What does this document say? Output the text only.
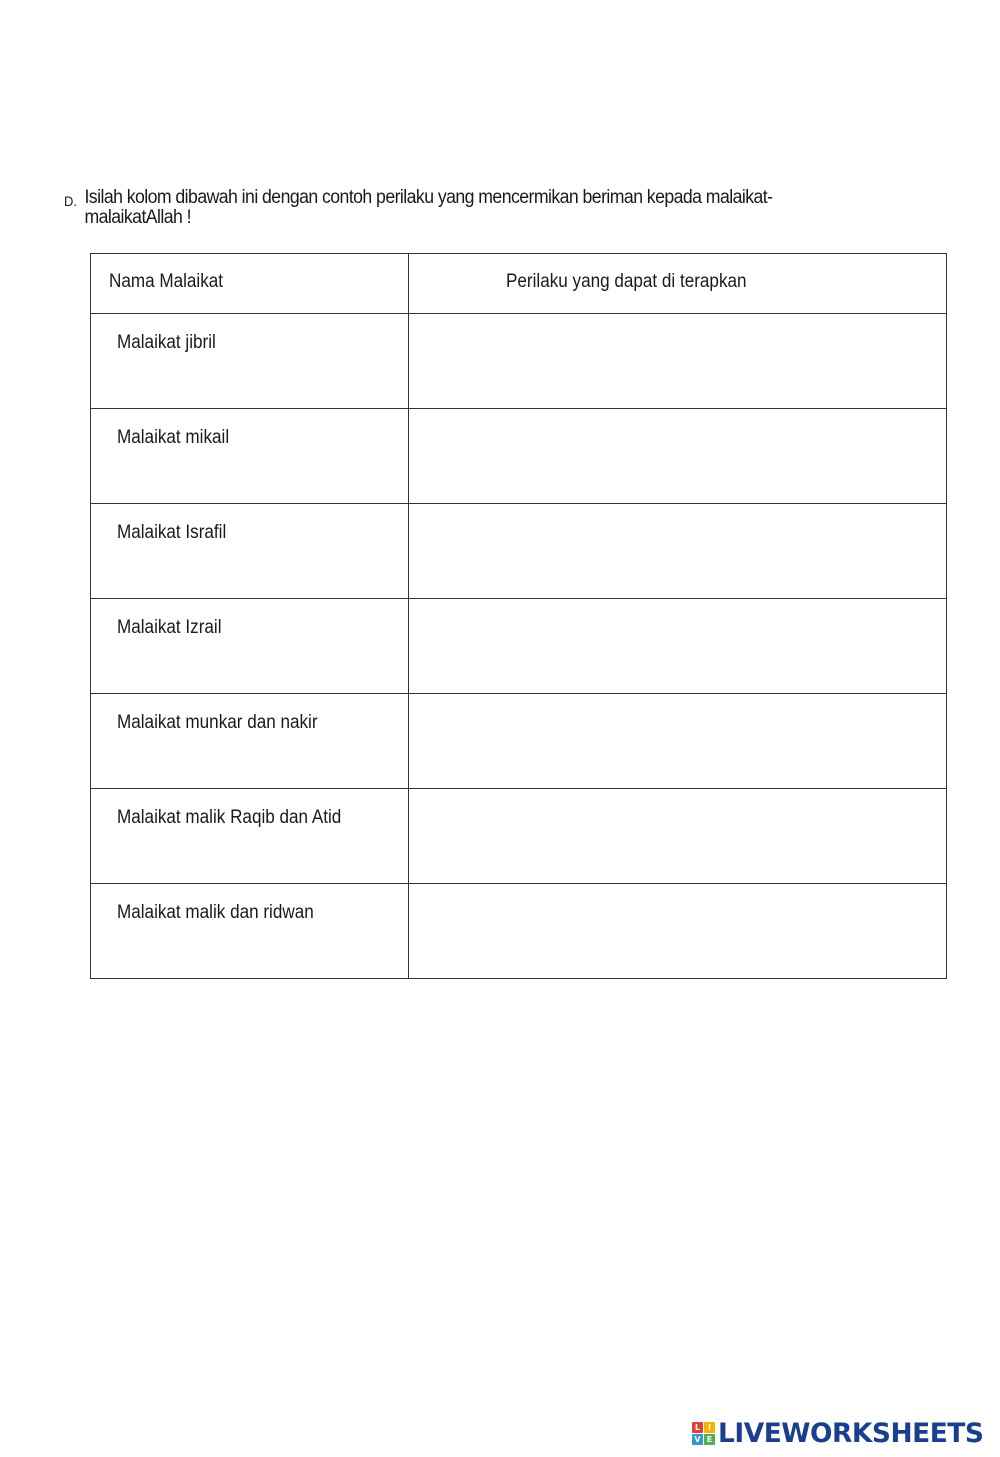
D. Isilah kolom dibawah ini dengan contoh perilaku yang mencermikan beriman kepada malaikat-
malaikatAllah !
Nama Malaikat	Perilaku yang dapat di terapkan
Malaikat jibril	
Malaikat mikail	
Malaikat Israfil	
Malaikat Izrail	
Malaikat munkar dan nakir	
Malaikat malik Raqib dan Atid	
Malaikat malik dan ridwan	
L I
V E LIVEWORKSHEETS
